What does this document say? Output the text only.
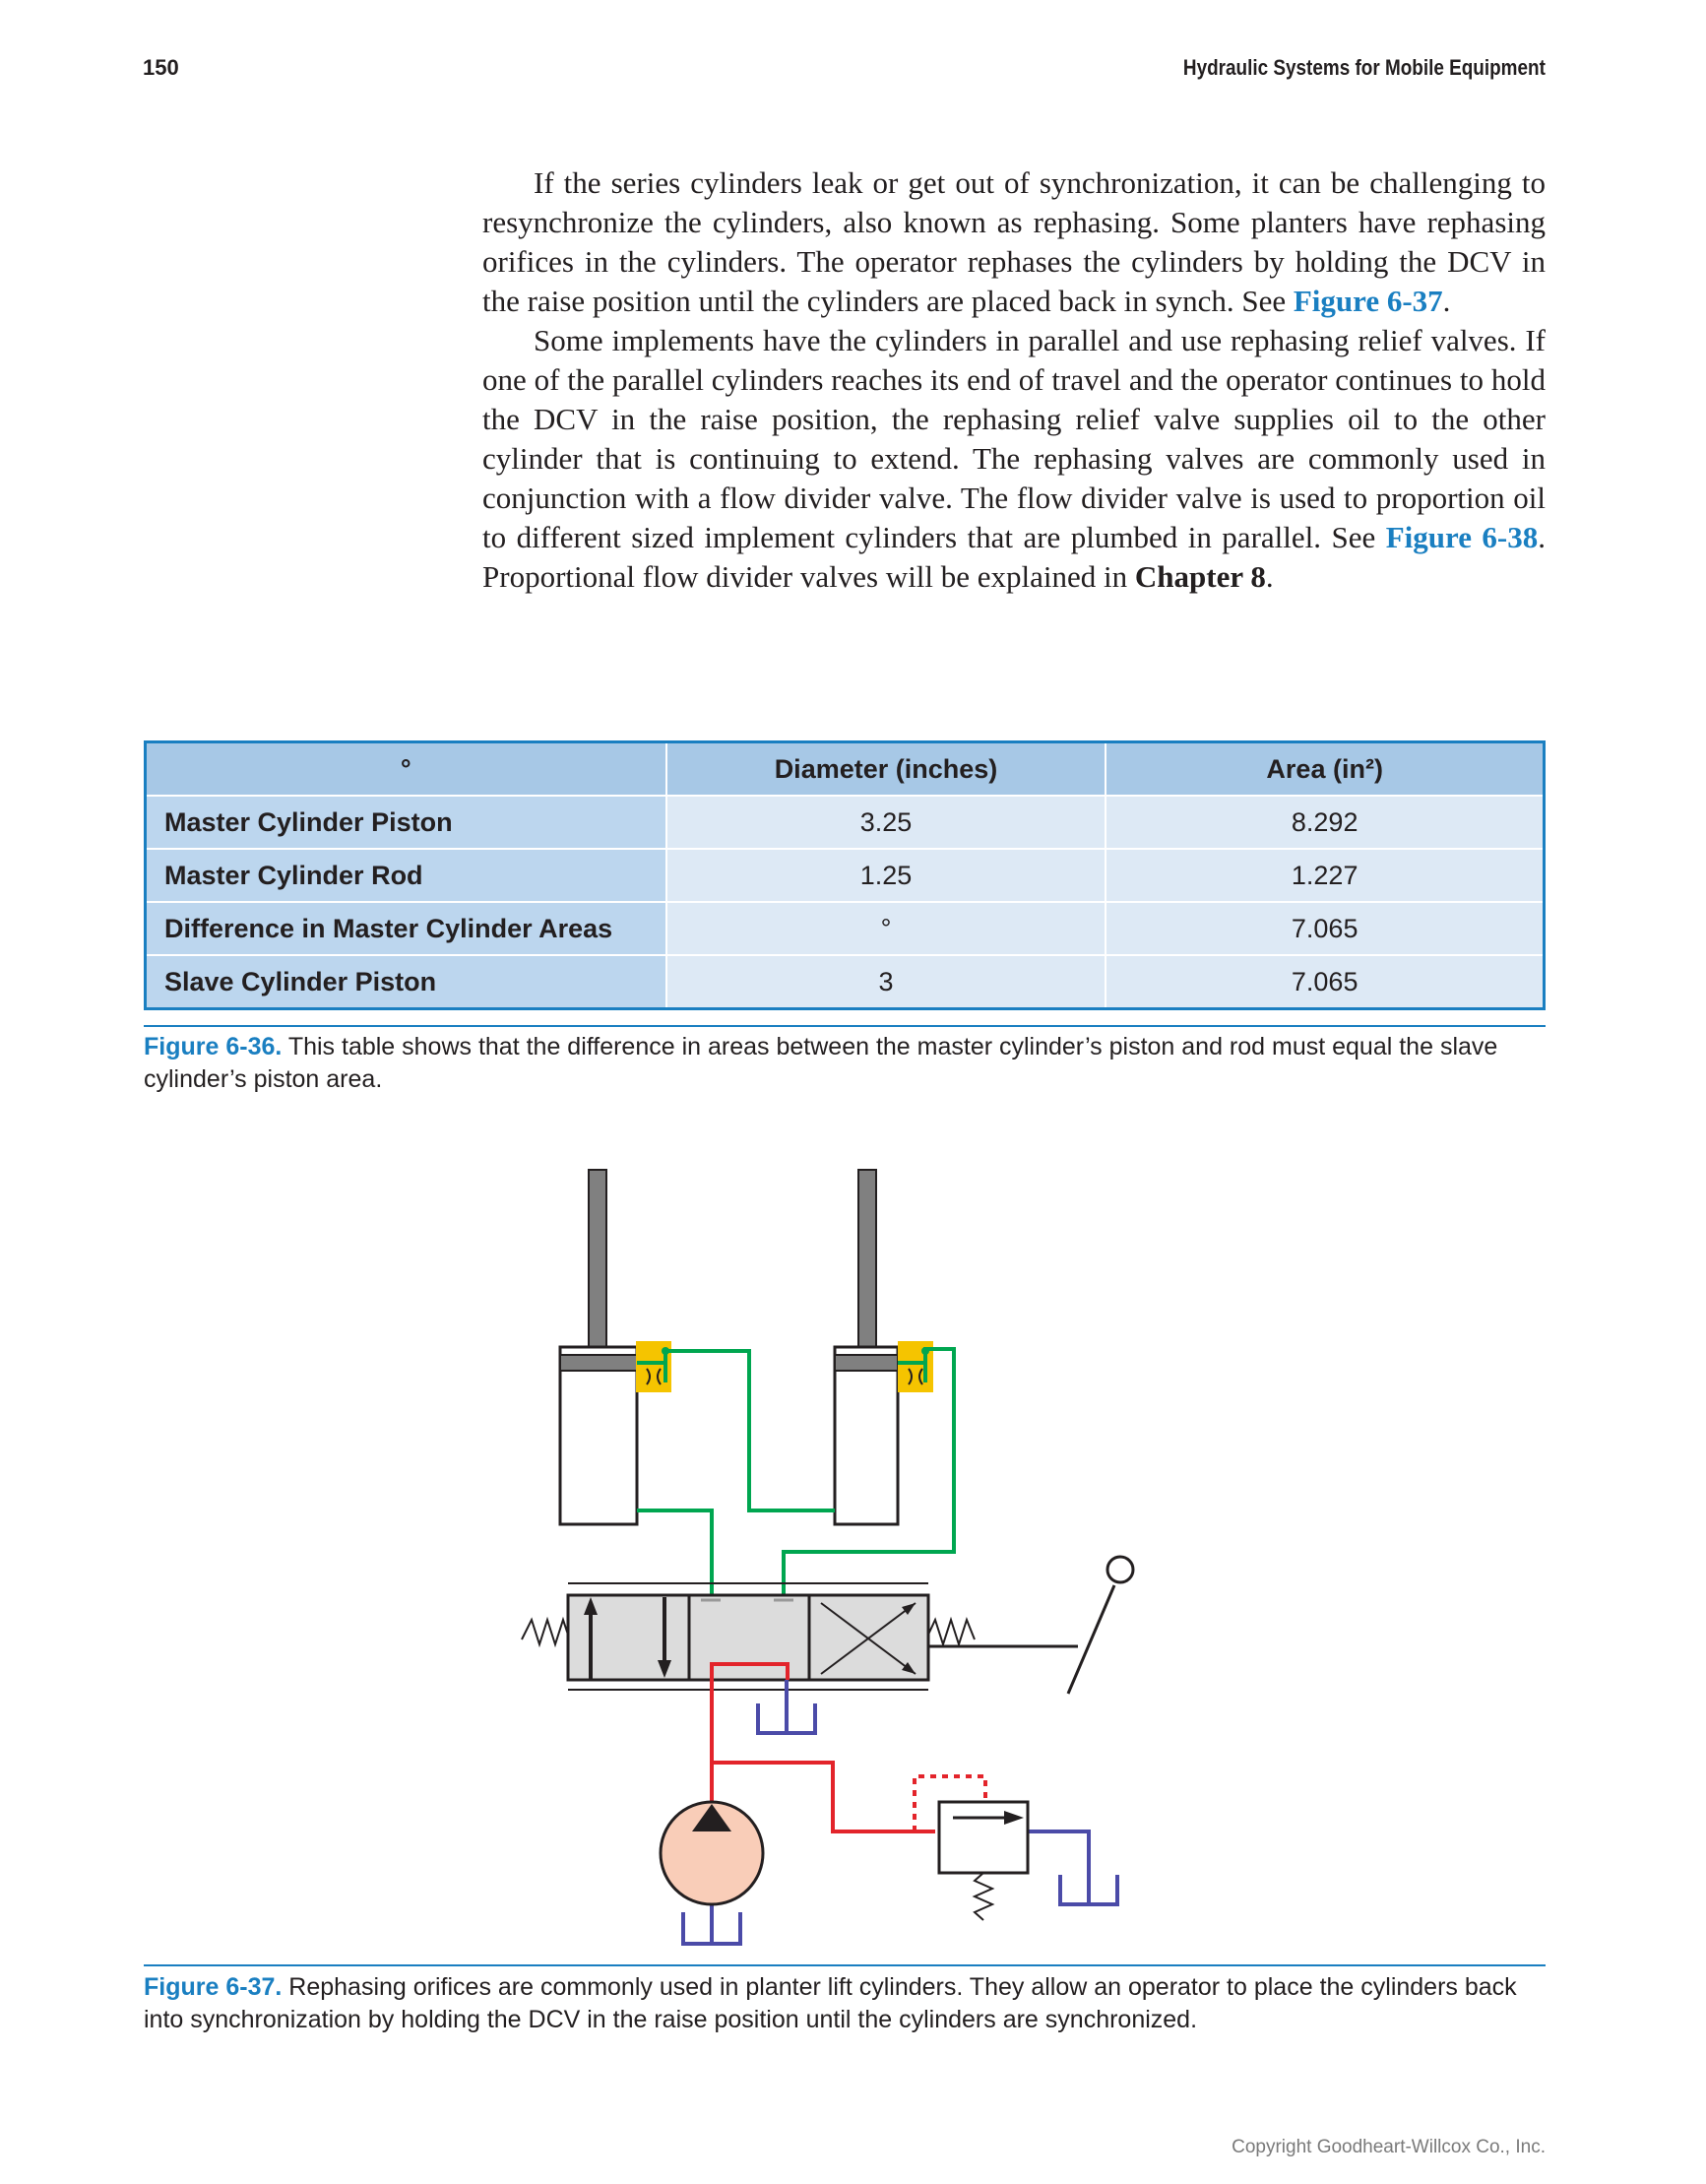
150	Hydraulic Systems for Mobile Equipment

If the series cylinders leak or get out of synchronization, it can be challenging to resynchronize the cylinders, also known as rephasing. Some planters have rephasing orifices in the cylinders. The operator rephases the cylinders by holding the DCV in the raise position until the cylinders are placed back in synch. See Figure 6-37.

Some implements have the cylinders in parallel and use rephasing relief valves. If one of the parallel cylinders reaches its end of travel and the operator continues to hold the DCV in the raise position, the rephasing relief valve supplies oil to the other cylinder that is continuing to extend. The rephasing valves are commonly used in conjunction with a flow divider valve. The flow divider valve is used to proportion oil to different sized implement cylinders that are plumbed in parallel. See Figure 6-38. Proportional flow divider valves will be explained in Chapter 8.

°	Diameter (inches)	Area (in²)
Master Cylinder Piston	3.25	8.292
Master Cylinder Rod	1.25	1.227
Difference in Master Cylinder Areas	°	7.065
Slave Cylinder Piston	3	7.065
Figure 6-36. This table shows that the difference in areas between the master cylinder’s piston and rod must equal the slave cylinder’s piston area.
Figure 6-37. Rephasing orifices are commonly used in planter lift cylinders. They allow an operator to place the cylinders back into synchronization by holding the DCV in the raise position until the cylinders are synchronized.
Copyright Goodheart-Willcox Co., Inc.
